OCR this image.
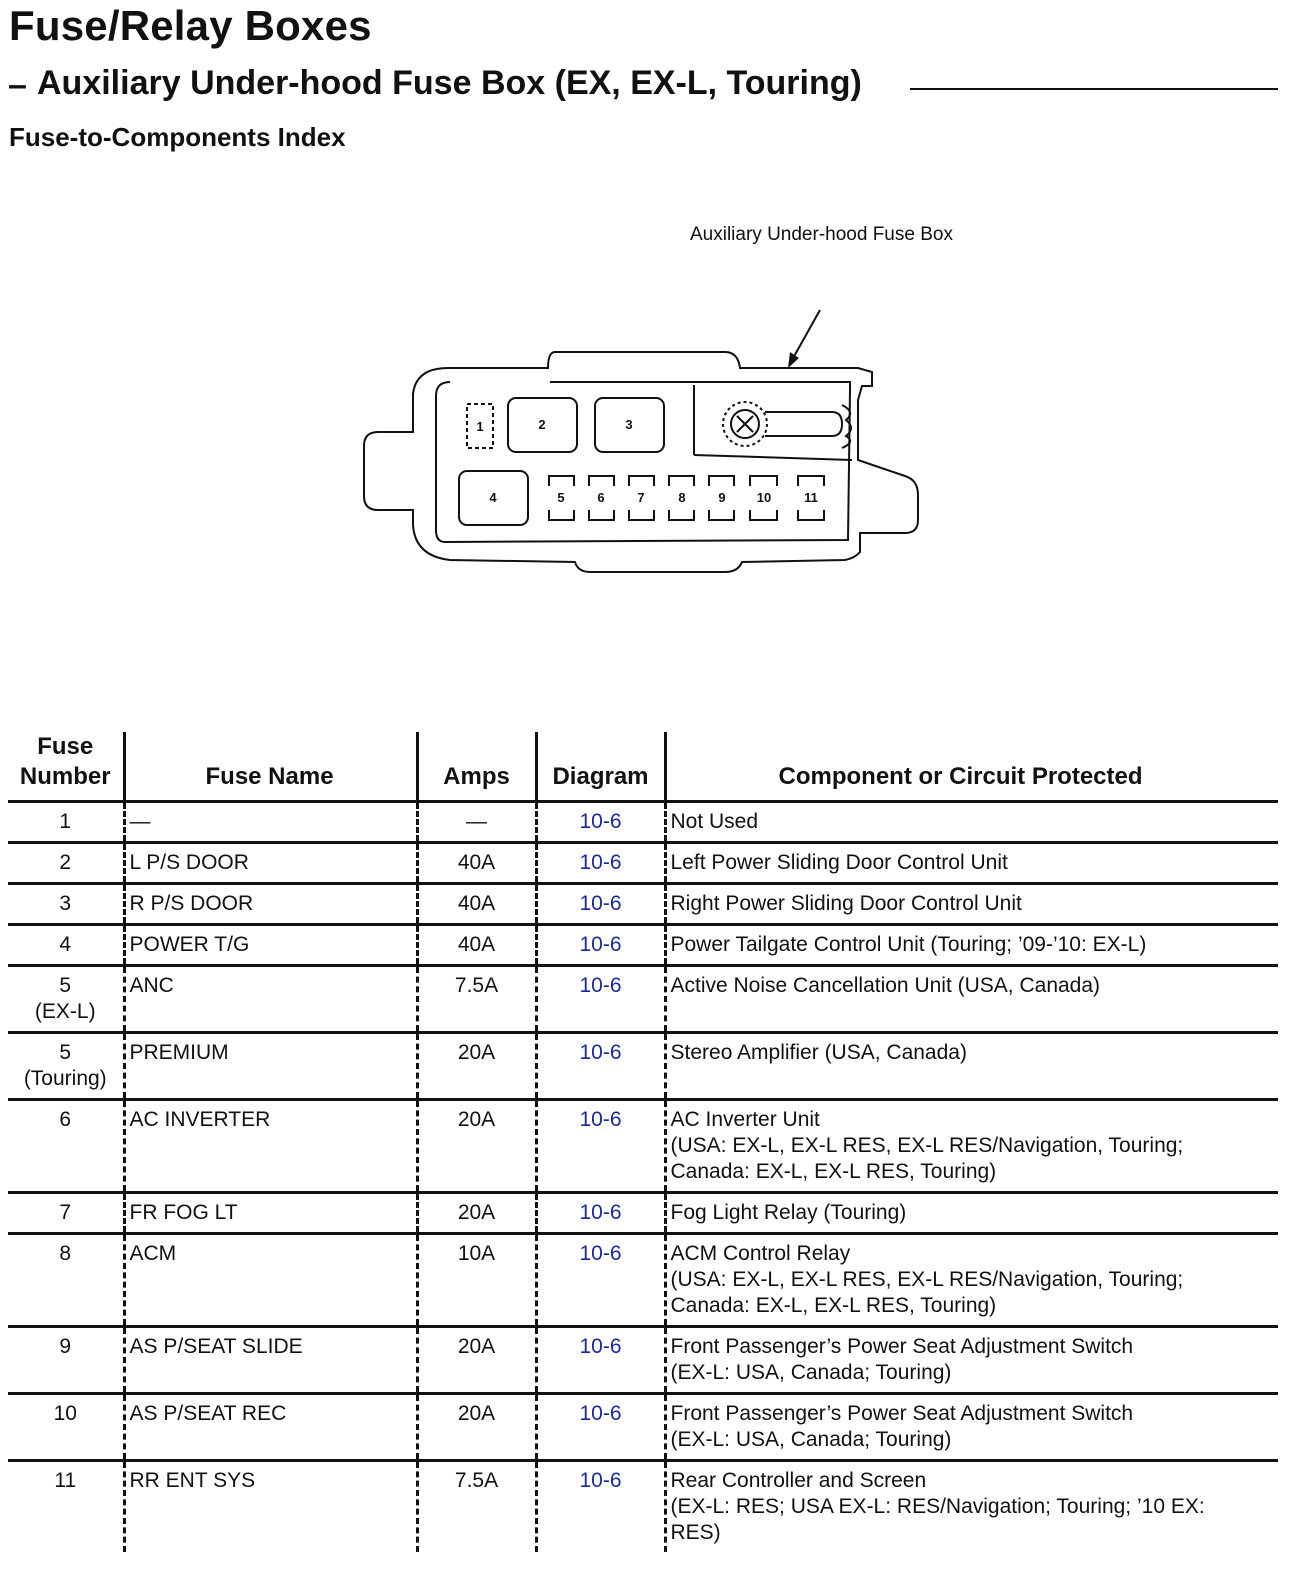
Fuse/Relay Boxes
– Auxiliary Under-hood Fuse Box (EX, EX-L, Touring)
Fuse-to-Components Index
Auxiliary Under-hood Fuse Box
1	2	3
4	5	6	7	8	9 10	11
Fuse Number	Fuse Name	Amps	Diagram	Component or Circuit Protected

1	—	—	10-6	Not Used

2	L P/S DOOR	40A	10-6	Left Power Sliding Door Control Unit

3	R P/S DOOR	40A	10-6	Right Power Sliding Door Control Unit

4	POWER T/G	40A	10-6	Power Tailgate Control Unit (Touring; ’09-’10: EX-L)

5
(EX-L)	ANC	7.5A	10-6	Active Noise Cancellation Unit (USA, Canada)

5
(Touring)	PREMIUM	20A	10-6	Stereo Amplifier (USA, Canada)

6	AC INVERTER	20A	10-6	AC Inverter Unit
(USA: EX-L, EX-L RES, EX-L RES/Navigation, Touring;
Canada: EX-L, EX-L RES, Touring)

7	FR FOG LT	20A	10-6	Fog Light Relay (Touring)

8	ACM	10A	10-6	ACM Control Relay
(USA: EX-L, EX-L RES, EX-L RES/Navigation, Touring;
Canada: EX-L, EX-L RES, Touring)

9	AS P/SEAT SLIDE	20A	10-6	Front Passenger’s Power Seat Adjustment Switch
(EX-L: USA, Canada; Touring)

10	AS P/SEAT REC	20A	10-6	Front Passenger’s Power Seat Adjustment Switch
(EX-L: USA, Canada; Touring)

11	RR ENT SYS	7.5A	10-6	Rear Controller and Screen
(EX-L: RES; USA EX-L: RES/Navigation; Touring; ’10 EX:
RES)
